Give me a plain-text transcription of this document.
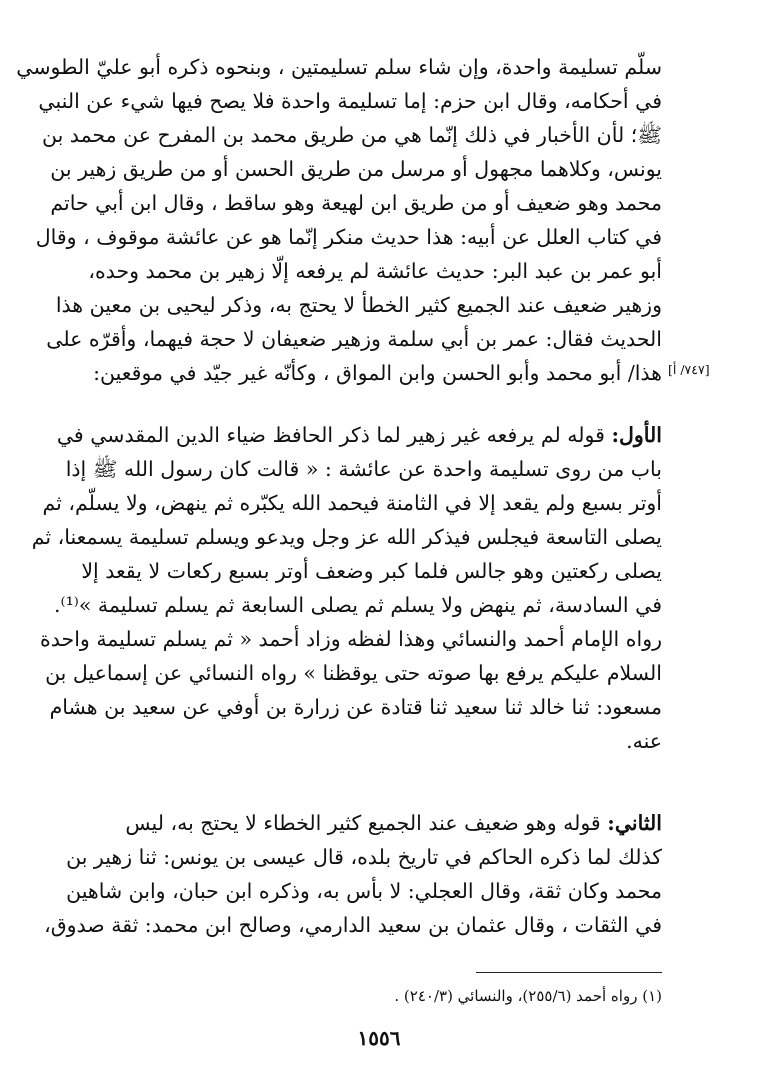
سلّم تسليمة واحدة، وإن شاء سلم تسليمتين ، وبنحوه ذكره أبو عليّ الطوسي
في أحكامه، وقال ابن حزم: إما تسليمة واحدة فلا يصح فيها شيء عن النبي
ﷺ؛ لأن الأخبار في ذلك إنّما هي من طريق محمد بن المفرح عن محمد بن
يونس، وكلاهما مجهول أو مرسل من طريق الحسن أو من طريق زهير بن
محمد وهو ضعيف أو من طريق ابن لهيعة وهو ساقط ، وقال ابن أبي حاتم
في كتاب العلل عن أبيه: هذا حديث منكر إنّما هو عن عائشة موقوف ، وقال
أبو عمر بن عبد البر: حديث عائشة لم يرفعه إلّا زهير بن محمد وحده،
وزهير ضعيف عند الجميع كثير الخطأ لا يحتج به، وذكر ليحيى بن معين هذا
الحديث فقال: عمر بن أبي سلمة وزهير ضعيفان لا حجة فيهما، وأقرّه على
هذا/ أبو محمد وأبو الحسن وابن المواق ، وكأنّه غير جيّد في موقعين: [٧٤٧/ أ]
الأول: قوله لم يرفعه غير زهير لما ذكر الحافظ ضياء الدين المقدسي في
باب من روى تسليمة واحدة عن عائشة : « قالت كان رسول الله ﷺ إذا
أوتر بسبع ولم يقعد إلا في الثامنة فيحمد الله يكبّره ثم ينهض، ولا يسلّم، ثم
يصلى التاسعة فيجلس فيذكر الله عز وجل ويدعو ويسلم تسليمة يسمعنا، ثم
يصلى ركعتين وهو جالس فلما كبر وضعف أوتر بسبع ركعات لا يقعد إلا
في السادسة، ثم ينهض ولا يسلم ثم يصلى السابعة ثم يسلم تسليمة »⁽¹⁾.
رواه الإمام أحمد والنسائي وهذا لفظه وزاد أحمد « ثم يسلم تسليمة واحدة
السلام عليكم يرفع بها صوته حتى يوقظنا » رواه النسائي عن إسماعيل بن
مسعود: ثنا خالد ثنا سعيد ثنا قتادة عن زرارة بن أوفي عن سعيد بن هشام
عنه.
الثاني: قوله وهو ضعيف عند الجميع كثير الخطاء لا يحتج به، ليس
كذلك لما ذكره الحاكم في تاريخ بلده، قال عيسى بن يونس: ثنا زهير بن
محمد وكان ثقة، وقال العجلي: لا بأس به، وذكره ابن حبان، وابن شاهين
في الثقات ، وقال عثمان بن سعيد الدارمي، وصالح ابن محمد: ثقة صدوق،
(١) رواه أحمد (٢٥٥/٦)، والنسائي (٢٤٠/٣) .
١٥٥٦
